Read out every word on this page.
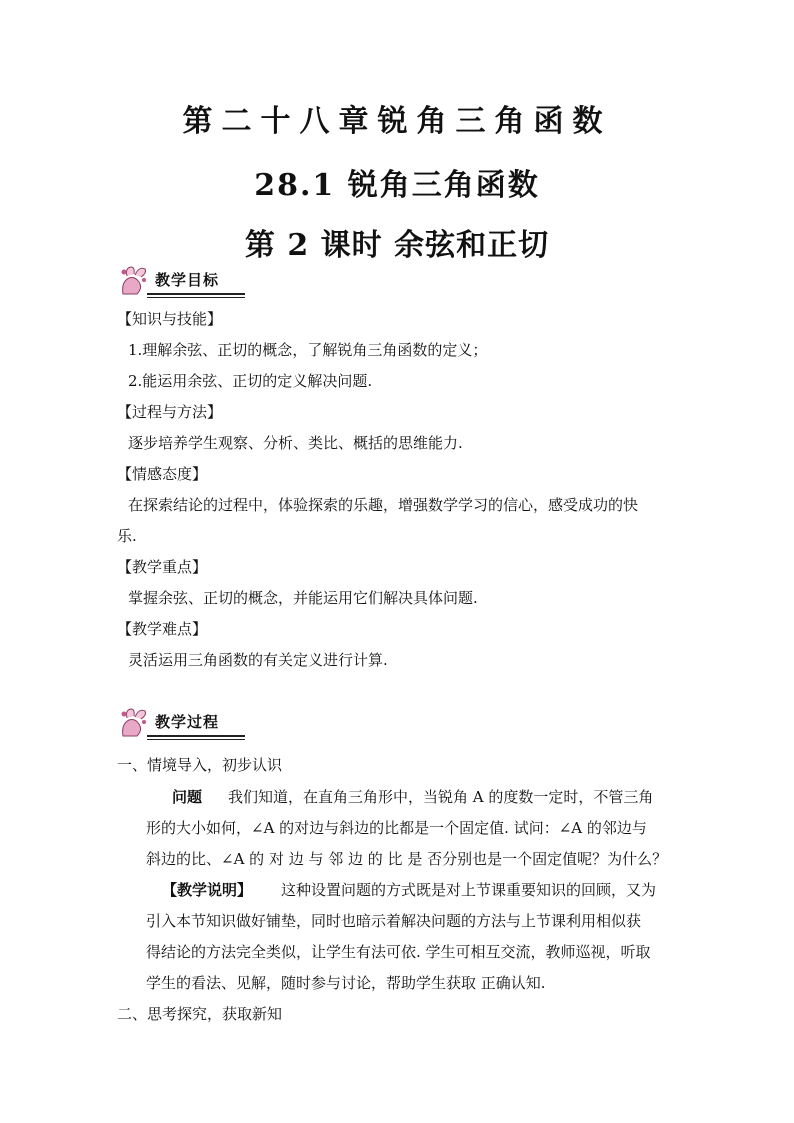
第二十八章锐角三角函数
28.1 锐角三角函数
第 2 课时 余弦和正切
教学目标
【知识与技能】
1.理解余弦、正切的概念，了解锐角三角函数的定义；
2.能运用余弦、正切的定义解决问题.
【过程与方法】
逐步培养学生观察、分析、类比、概括的思维能力.
【情感态度】
在探索结论的过程中，体验探索的乐趣，增强数学学习的信心，感受成功的快
乐.
【教学重点】
掌握余弦、正切的概念，并能运用它们解决具体问题.
【教学难点】
灵活运用三角函数的有关定义进行计算.
教学过程
一、情境导入，初步认识
问题 我们知道，在直角三角形中，当锐角 A 的度数一定时，不管三角
形的大小如何，∠A 的对边与斜边的比都是一个固定值. 试问：∠A 的邻边与
斜边的比、∠A 的 对 边 与 邻 边 的 比 是 否分别也是一个固定值呢？为什么？
【教学说明】 这种设置问题的方式既是对上节课重要知识的回顾，又为
引入本节知识做好铺垫，同时也暗示着解决问题的方法与上节课利用相似获
得结论的方法完全类似，让学生有法可依. 学生可相互交流，教师巡视，听取
学生的看法、见解，随时参与讨论，帮助学生获取 正确认知.
二、思考探究，获取新知
